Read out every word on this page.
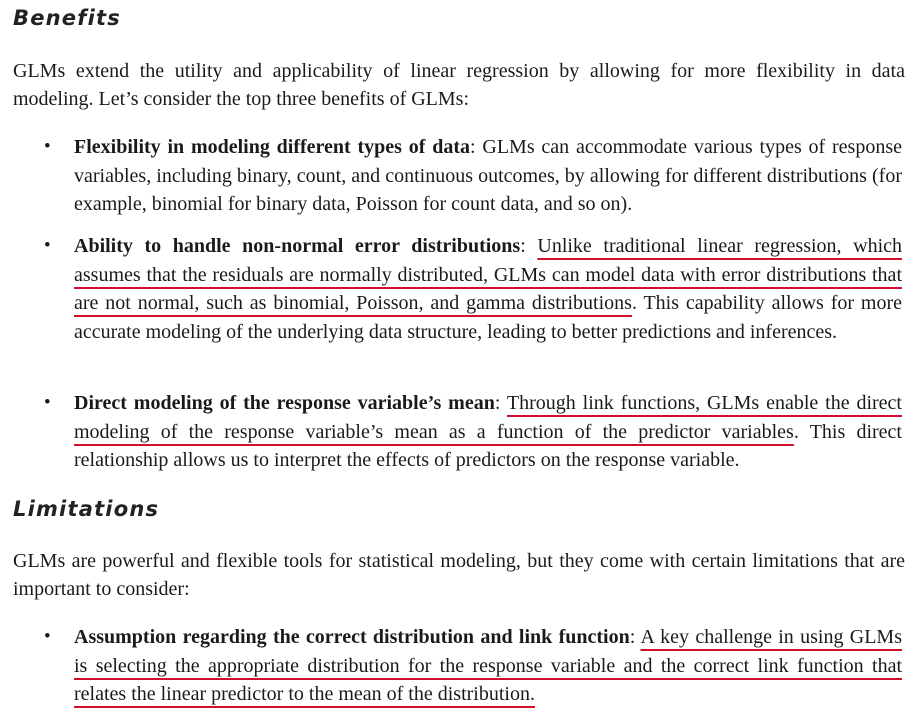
Benefits

GLMs extend the utility and applicability of linear regression by allowing for more flexibility in data modeling. Let’s consider the top three benefits of GLMs:

• Flexibility in modeling different types of data: GLMs can accommodate various types of response variables, including binary, count, and continuous outcomes, by allowing for different distributions (for example, binomial for binary data, Poisson for count data, and so on).
• Ability to handle non-normal error distributions: Unlike traditional linear regression, which assumes that the residuals are normally distributed, GLMs can model data with error distributions that are not normal, such as binomial, Poisson, and gamma distributions. This capability allows for more accurate modeling of the underlying data structure, leading to better predictions and inferences.
• Direct modeling of the response variable’s mean: Through link functions, GLMs enable the direct modeling of the response variable’s mean as a function of the predictor variables. This direct relationship allows us to interpret the effects of predictors on the response variable.
Limitations

GLMs are powerful and flexible tools for statistical modeling, but they come with certain limitations that are important to consider:

• Assumption regarding the correct distribution and link function: A key challenge in using GLMs is selecting the appropriate distribution for the response variable and the correct link function that relates the linear predictor to the mean of the distribution.
